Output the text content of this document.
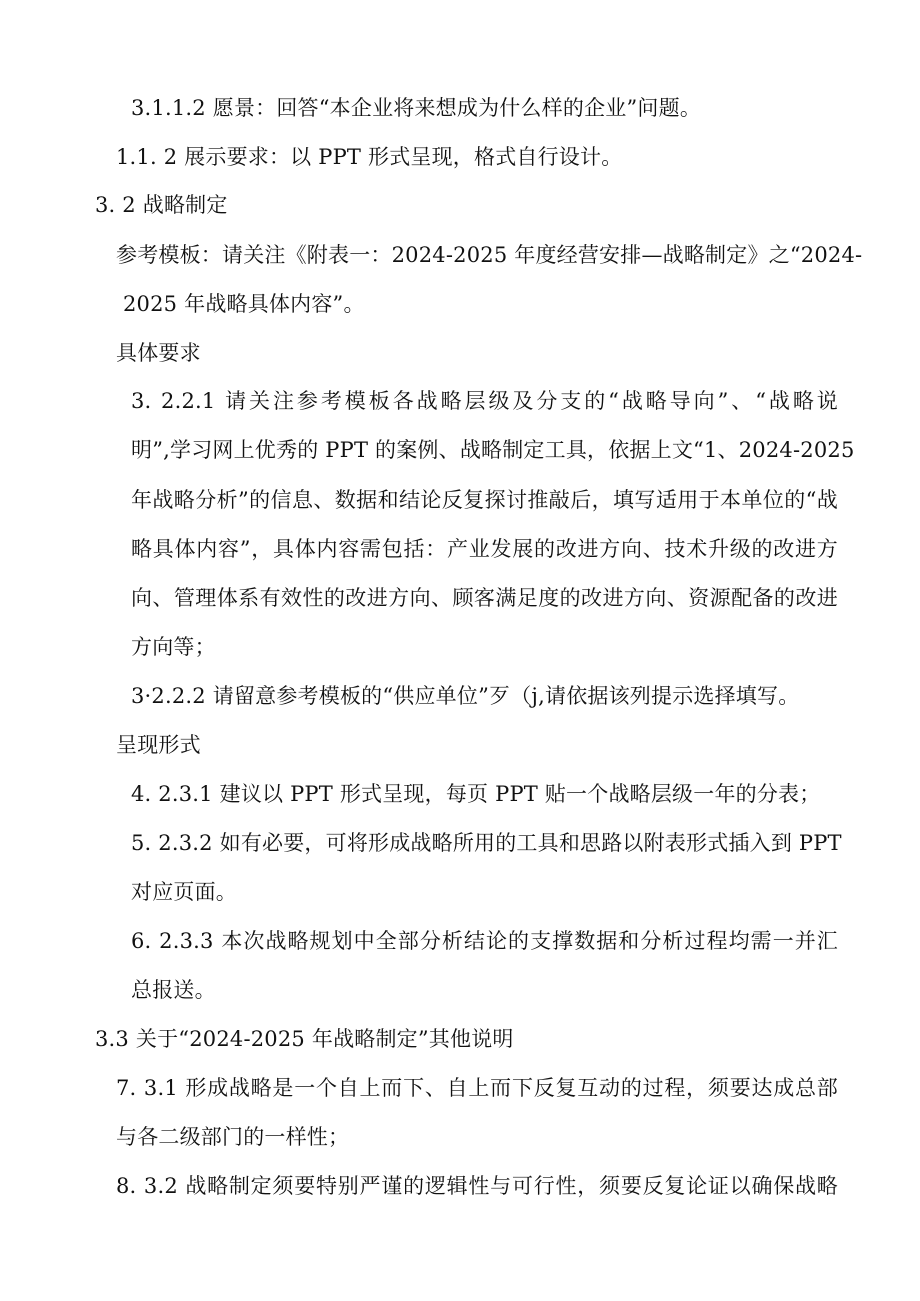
3.1.1.2 愿景：回答“本企业将来想成为什么样的企业”问题。
1.1. 2 展示要求：以 PPT 形式呈现，格式自行设计。
3. 2 战略制定
参考模板：请关注《附表一：2024-2025 年度经营安排—战略制定》之“2024-
2025 年战略具体内容”。
具体要求
3. 2.2.1 请关注参考模板各战略层级及分支的“战略导向”、“战略说
明”,学习网上优秀的 PPT 的案例、战略制定工具，依据上文“1、2024-2025
年战略分析”的信息、数据和结论反复探讨推敲后，填写适用于本单位的“战
略具体内容”，具体内容需包括：产业发展的改进方向、技术升级的改进方
向、管理体系有效性的改进方向、顾客满足度的改进方向、资源配备的改进
方向等；
3·2.2.2 请留意参考模板的“供应单位”歹（j,请依据该列提示选择填写。
呈现形式
4. 2.3.1 建议以 PPT 形式呈现，每页 PPT 贴一个战略层级一年的分表；
5. 2.3.2 如有必要，可将形成战略所用的工具和思路以附表形式插入到 PPT
对应页面。
6. 2.3.3 本次战略规划中全部分析结论的支撑数据和分析过程均需一并汇
总报送。
3.3 关于“2024-2025 年战略制定”其他说明
7. 3.1 形成战略是一个自上而下、自上而下反复互动的过程，须要达成总部
与各二级部门的一样性；
8. 3.2 战略制定须要特别严谨的逻辑性与可行性，须要反复论证以确保战略
